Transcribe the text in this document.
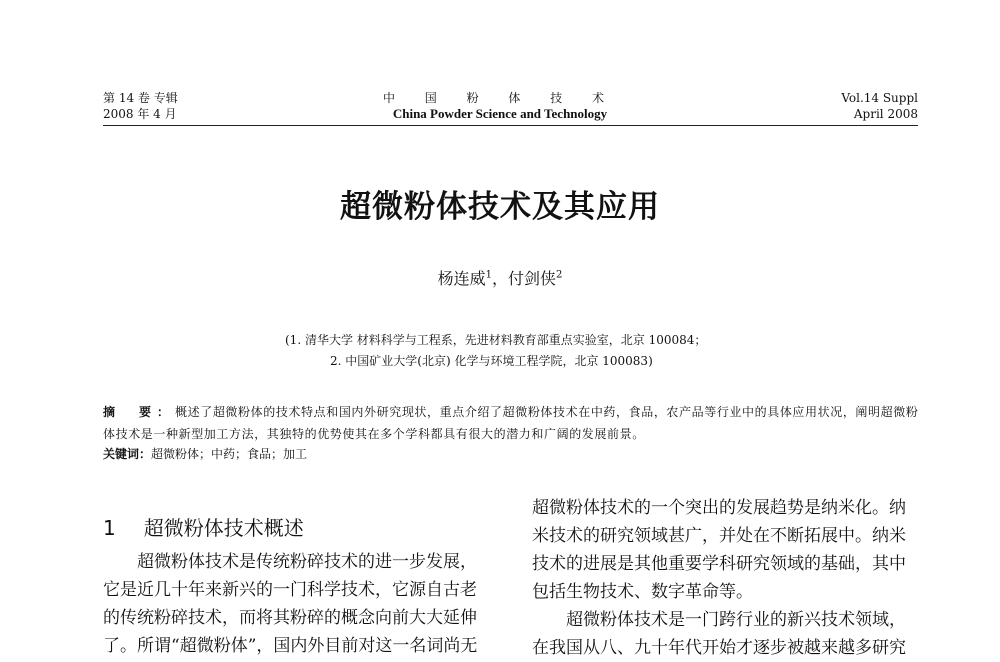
第 14 卷 专辑
2008 年 4 月
中 国 粉 体 技 术
China Powder Science and Technology
Vol.14 Suppl
April 2008
超微粉体技术及其应用
杨连威$^1$，付剑侠$^2$
(1. 清华大学 材料科学与工程系，先进材料教育部重点实验室，北京 100084；
2. 中国矿业大学(北京) 化学与环境工程学院，北京 100083)
摘　要：概述了超微粉体的技术特点和国内外研究现状，重点介绍了超微粉体技术在中药，食品，农产品等行业中的具体应用状况，阐明超微粉体技术是一种新型加工方法，其独特的优势使其在多个学科都具有很大的潜力和广阔的发展前景。
关键词：超微粉体；中药；食品；加工
1 超微粉体技术概述

超微粉体技术是传统粉碎技术的进一步发展，

它是近几十年来新兴的一门科学技术，它源自古老

的传统粉碎技术，而将其粉碎的概念向前大大延伸

了。所谓“超微粉体”，国内外目前对这一名词尚无

超微粉体技术的一个突出的发展趋势是纳米化。纳

米技术的研究领域甚广，并处在不断拓展中。纳米

技术的进展是其他重要学科研究领域的基础，其中

包括生物技术、数字革命等。

超微粉体技术是一门跨行业的新兴技术领域，

在我国从八、九十年代开始才逐步被越来越多研究
